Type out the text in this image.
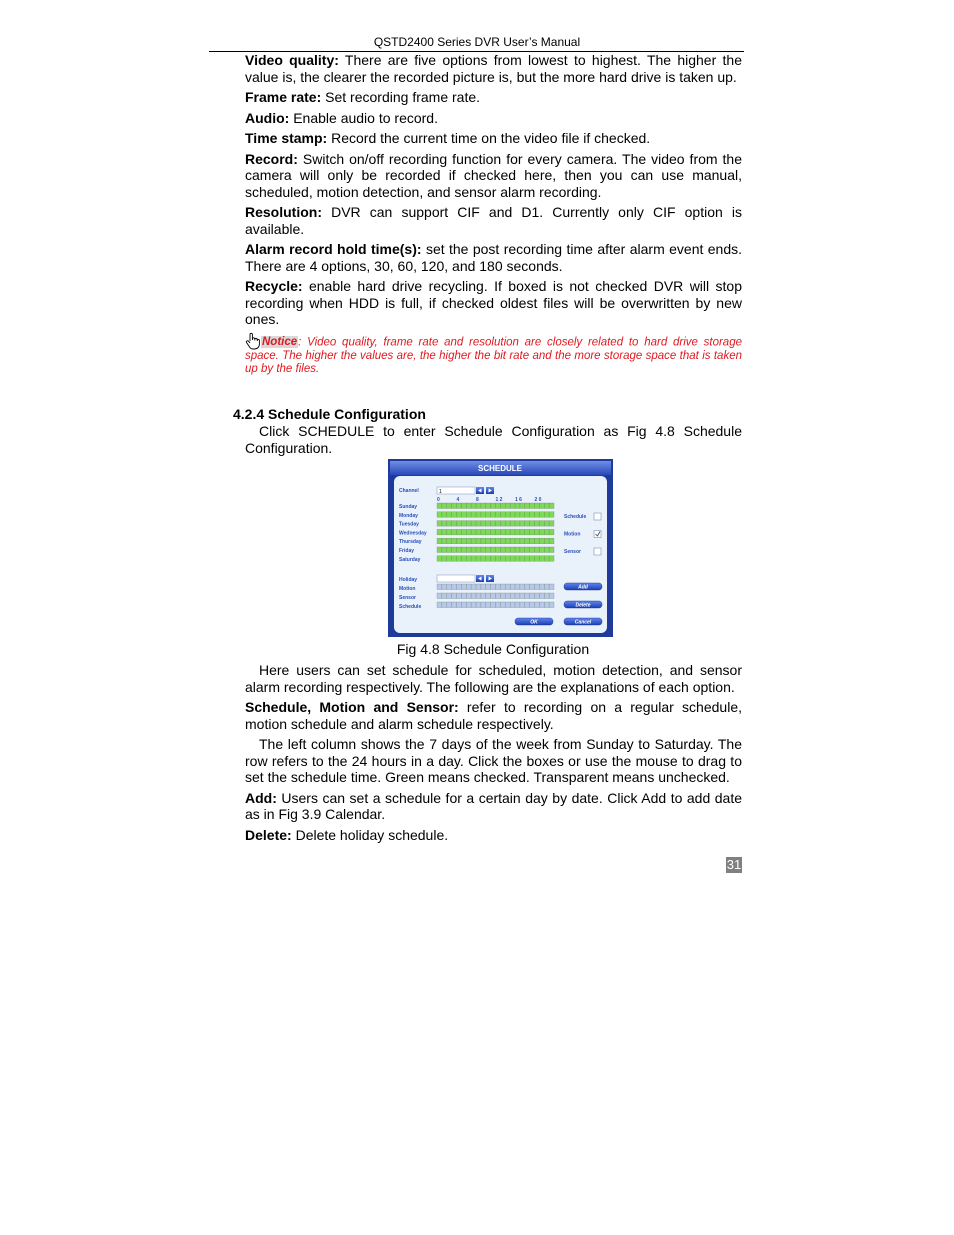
QSTD2400 Series DVR User’s Manual

Video quality: There are five options from lowest to highest. The higher the value is, the clearer the recorded picture is, but the more hard drive is taken up.

Frame rate: Set recording frame rate.

Audio: Enable audio to record.

Time stamp: Record the current time on the video file if checked.

Record: Switch on/off recording function for every camera. The video from the camera will only be recorded if checked here, then you can use manual, scheduled, motion detection, and sensor alarm recording.

Resolution: DVR can support CIF and D1. Currently only CIF option is available.

Alarm record hold time(s): set the post recording time after alarm event ends. There are 4 options, 30, 60, 120, and 180 seconds.

Recycle: enable hard drive recycling. If boxed is not checked DVR will stop recording when HDD is full, if checked oldest files will be overwritten by new ones.

Notice: Video quality, frame rate and resolution are closely related to hard drive storage space. The higher the values are, the higher the bit rate and the more storage space that is taken up by the files.

4.2.4 Schedule Configuration

Click SCHEDULE to enter Schedule Configuration as Fig 4.8 Schedule Configuration.

SCHEDULE
Channel	1
0	4	8	1 2	1 6	2 0
Sunday
Monday
Tuesday
Wednesday
Thursday
Friday
Saturday
Schedule
Motion
Sensor
Holiday
Motion
Sensor
Schedule
Add
Delete
OK	Cancel
Fig 4.8 Schedule Configuration

Here users can set schedule for scheduled, motion detection, and sensor alarm recording respectively. The following are the explanations of each option.

Schedule, Motion and Sensor: refer to recording on a regular schedule, motion schedule and alarm schedule respectively.

The left column shows the 7 days of the week from Sunday to Saturday. The row refers to the 24 hours in a day. Click the boxes or use the mouse to drag to set the schedule time. Green means checked. Transparent means unchecked.

Add: Users can set a schedule for a certain day by date. Click Add to add date as in Fig 3.9 Calendar.

Delete: Delete holiday schedule.

31
